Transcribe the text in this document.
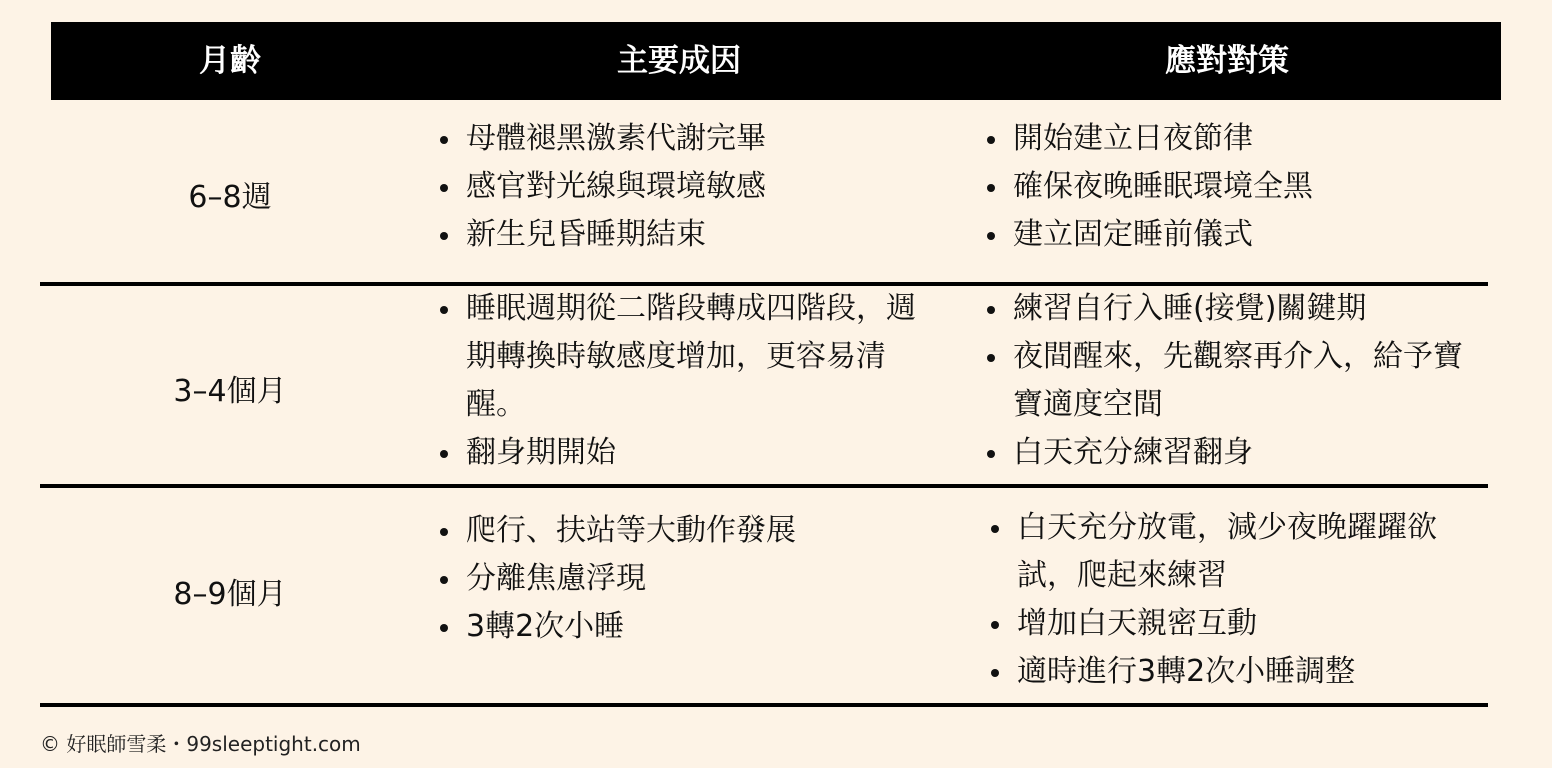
月齡	主要成因	應對對策
6–8週
母體褪黑激素代謝完畢
感官對光線與環境敏感
新生兒昏睡期結束
開始建立日夜節律
確保夜晚睡眠環境全黑
建立固定睡前儀式
3–4個月
睡眠週期從二階段轉成四階段，週期轉換時敏感度增加，更容易清醒。
翻身期開始
練習自行入睡(接覺)關鍵期
夜間醒來，先觀察再介入，給予寶寶適度空間
白天充分練習翻身
8–9個月
爬行、扶站等大動作發展
分離焦慮浮現
3轉2次小睡
白天充分放電，減少夜晚躍躍欲試，爬起來練習
增加白天親密互動
適時進行3轉2次小睡調整
© 好眠師雪柔・99sleeptight.com
